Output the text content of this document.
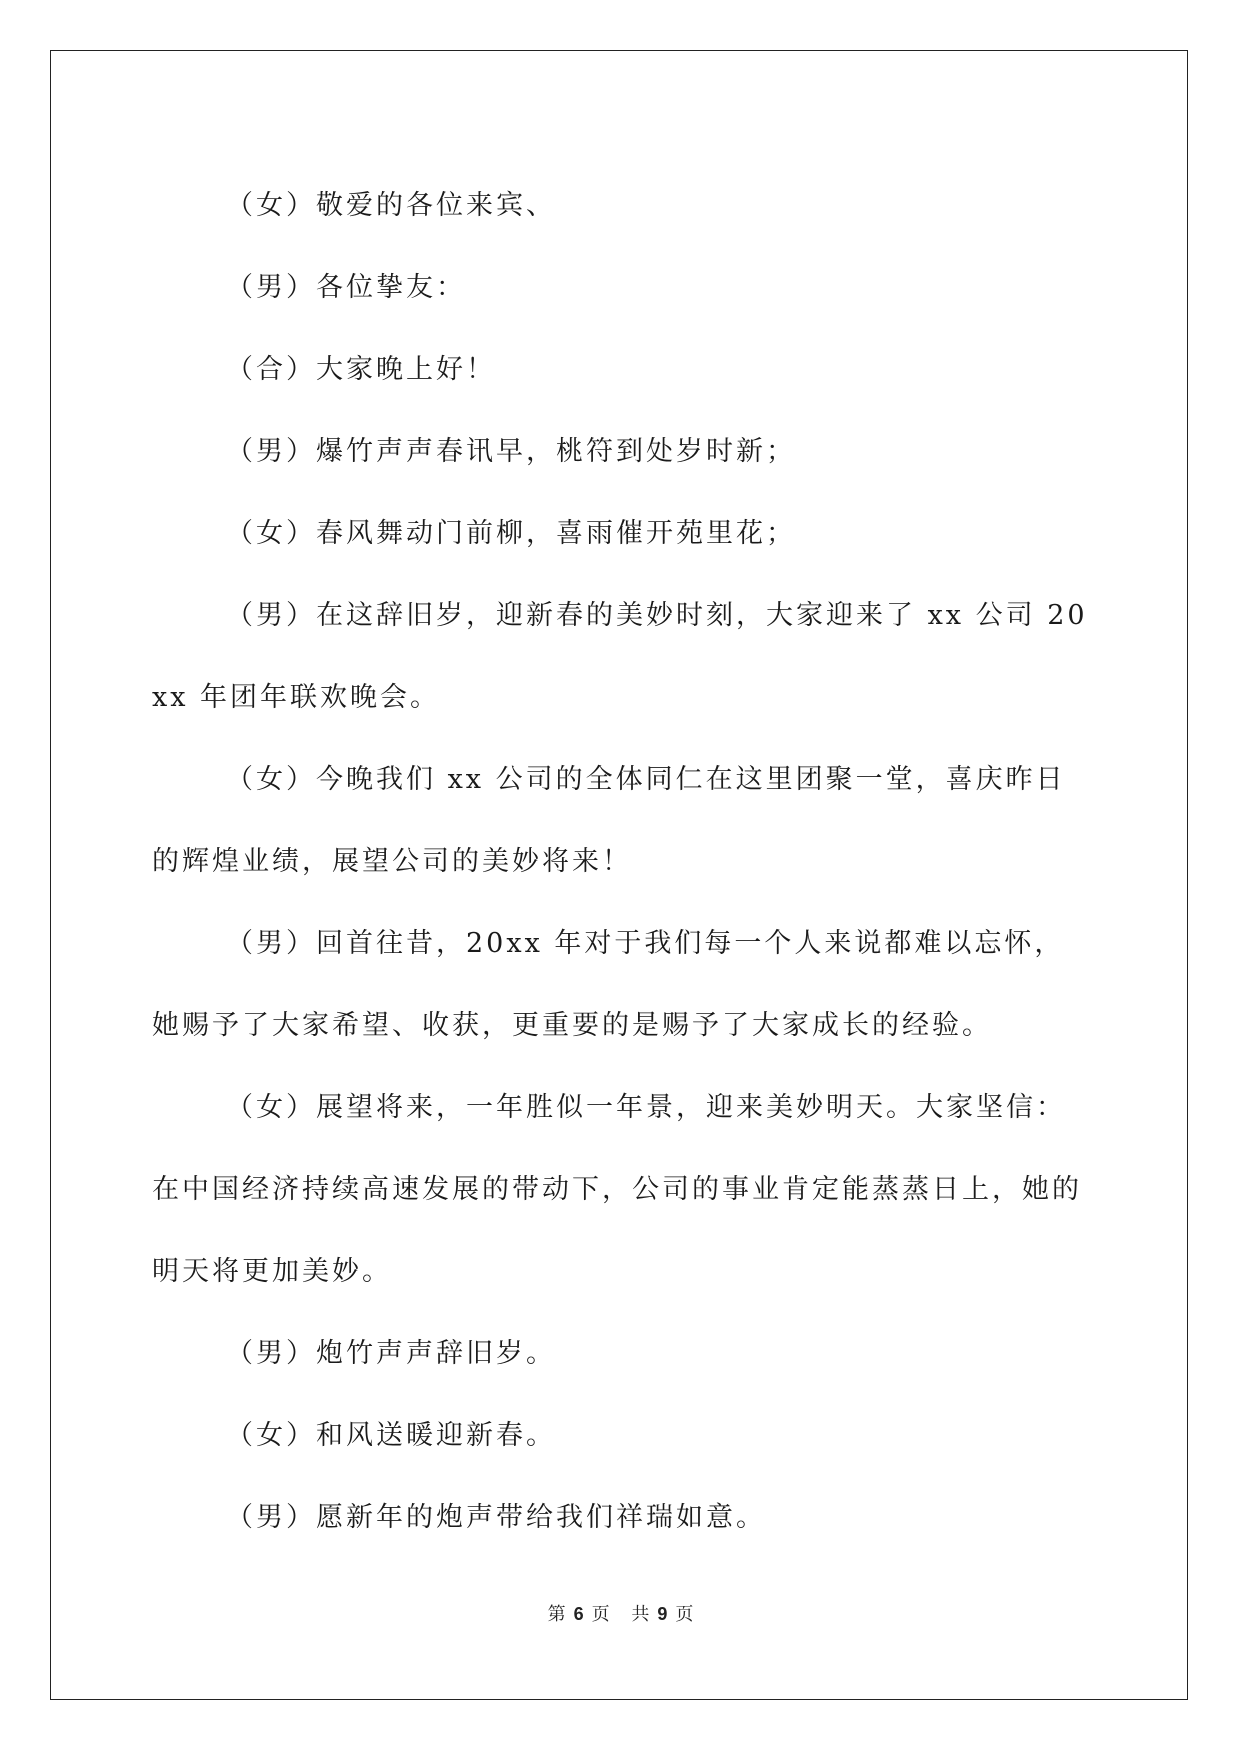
（女）敬爱的各位来宾、

（男）各位挚友：

（合）大家晚上好！

（男）爆竹声声春讯早，桃符到处岁时新；

（女）春风舞动门前柳，喜雨催开苑里花；

（男）在这辞旧岁，迎新春的美妙时刻，大家迎来了 xx 公司 20xx 年团年联欢晚会。

（女）今晚我们 xx 公司的全体同仁在这里团聚一堂，喜庆昨日的辉煌业绩，展望公司的美妙将来！

（男）回首往昔，20xx 年对于我们每一个人来说都难以忘怀，她赐予了大家希望、收获，更重要的是赐予了大家成长的经验。

（女）展望将来，一年胜似一年景，迎来美妙明天。大家坚信：在中国经济持续高速发展的带动下，公司的事业肯定能蒸蒸日上，她的明天将更加美妙。

（男）炮竹声声辞旧岁。

（女）和风送暖迎新春。

（男）愿新年的炮声带给我们祥瑞如意。

第 6 页 共 9 页
